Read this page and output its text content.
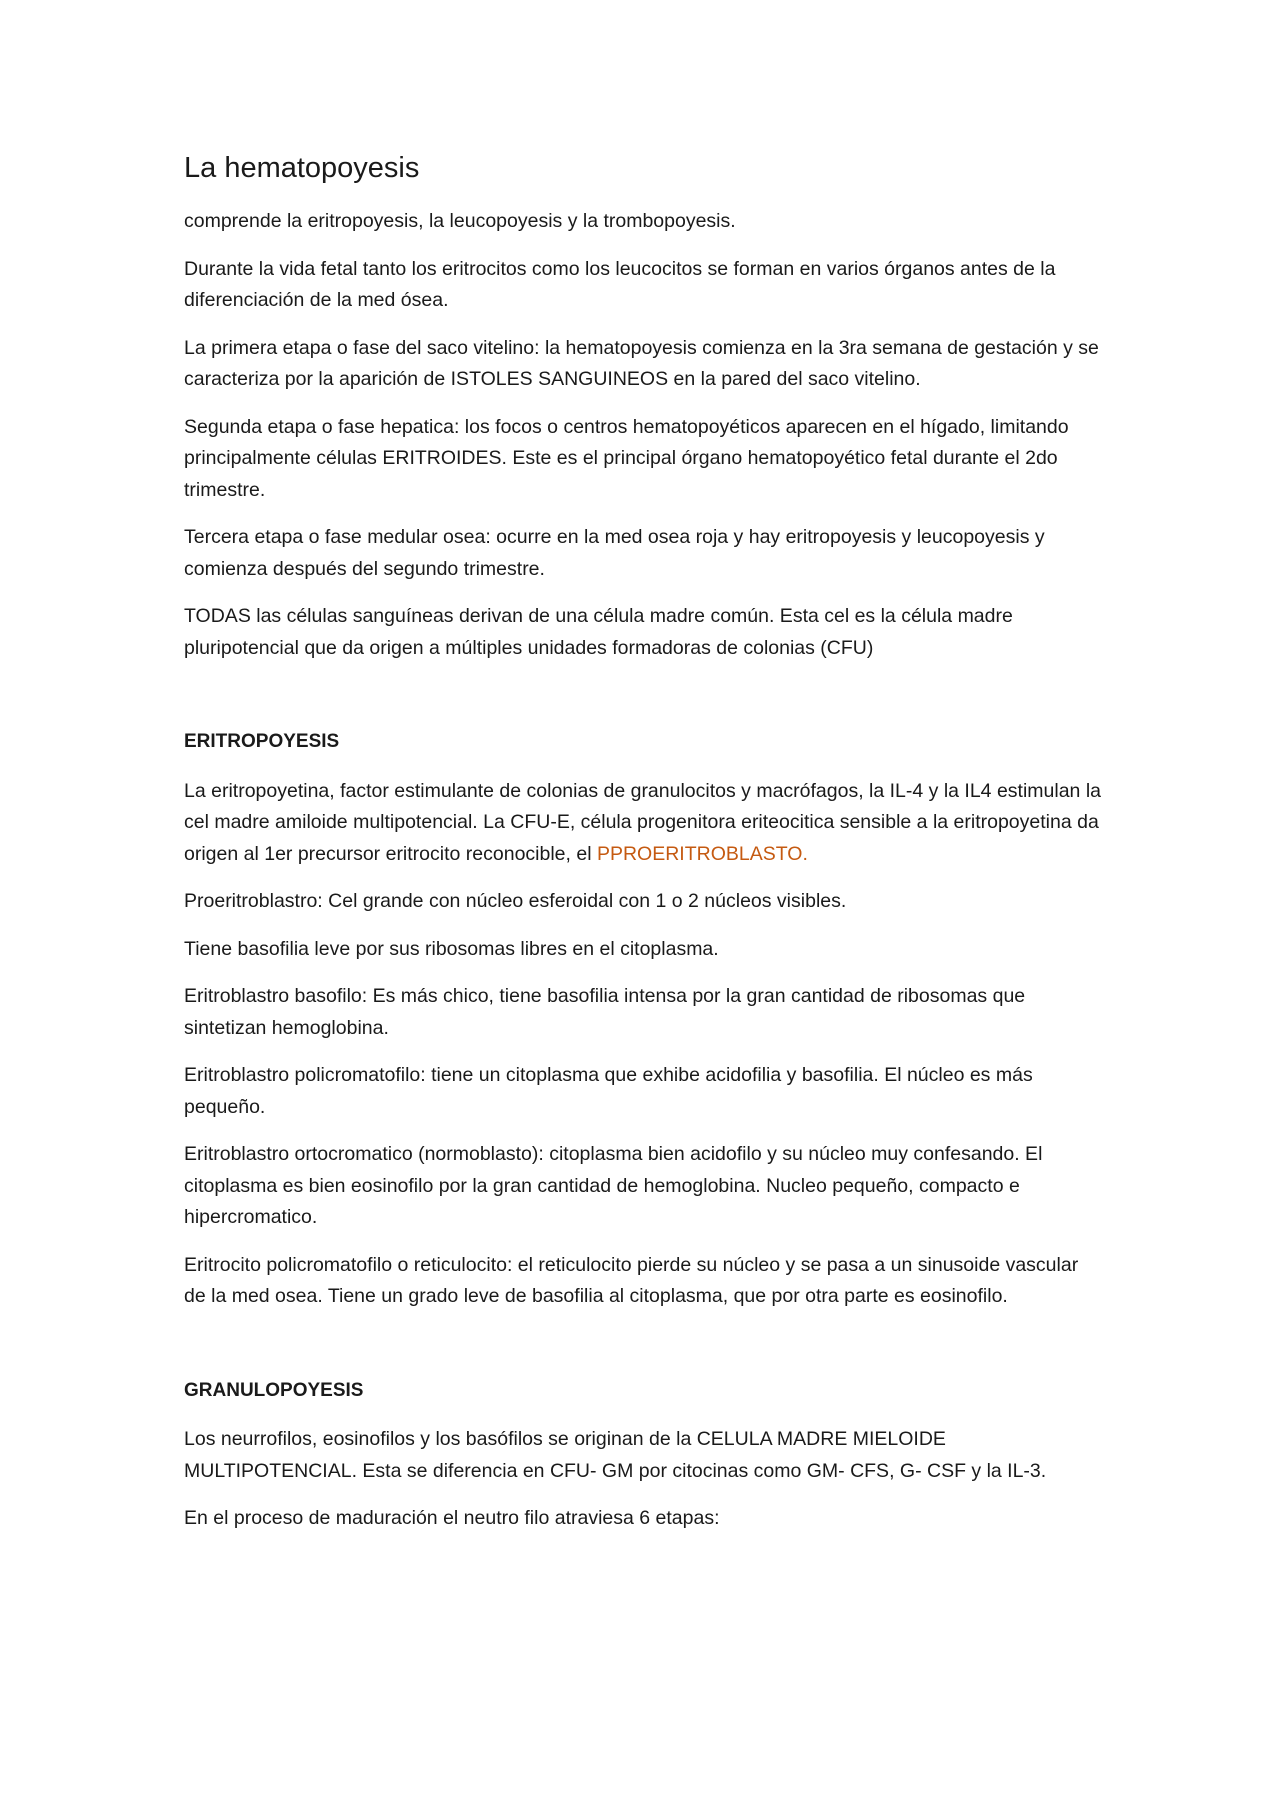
La hematopoyesis

comprende la eritropoyesis, la leucopoyesis y la trombopoyesis.

Durante la vida fetal tanto los eritrocitos como los leucocitos se forman en varios órganos antes de la diferenciación de la med ósea.

La primera etapa o fase del saco vitelino: la hematopoyesis comienza en la 3ra semana de gestación y se caracteriza por la aparición de ISTOLES SANGUINEOS en la pared del saco vitelino.

Segunda etapa o fase hepatica: los focos o centros hematopoyéticos aparecen en el hígado, limitando principalmente células ERITROIDES. Este es el principal órgano hematopoyético fetal durante el 2do trimestre.

Tercera etapa o fase medular osea: ocurre en la med osea roja y hay eritropoyesis y leucopoyesis y comienza después del segundo trimestre.

TODAS las células sanguíneas derivan de una célula madre común. Esta cel es la célula madre pluripotencial que da origen a múltiples unidades formadoras de colonias (CFU)

ERITROPOYESIS

La eritropoyetina, factor estimulante de colonias de granulocitos y macrófagos, la IL-4 y la IL4 estimulan la cel madre amiloide multipotencial. La CFU-E, célula progenitora eriteocitica sensible a la eritropoyetina da origen al 1er precursor eritrocito reconocible, el PPROERITROBLASTO.

Proeritroblastro: Cel grande con núcleo esferoidal con 1 o 2 núcleos visibles.

Tiene basofilia leve por sus ribosomas libres en el citoplasma.

Eritroblastro basofilo: Es más chico, tiene basofilia intensa por la gran cantidad de ribosomas que sintetizan hemoglobina.

Eritroblastro policromatofilo: tiene un citoplasma que exhibe acidofilia y basofilia. El núcleo es más pequeño.

Eritroblastro ortocromatico (normoblasto): citoplasma bien acidofilo y su núcleo muy confesando. El citoplasma es bien eosinofilo por la gran cantidad de hemoglobina. Nucleo pequeño, compacto e hipercromatico.

Eritrocito policromatofilo o reticulocito: el reticulocito pierde su núcleo y se pasa a un sinusoide vascular de la med osea. Tiene un grado leve de basofilia al citoplasma, que por otra parte es eosinofilo.

GRANULOPOYESIS

Los neurrofilos, eosinofilos y los basófilos se originan de la CELULA MADRE MIELOIDE MULTIPOTENCIAL. Esta se diferencia en CFU- GM por citocinas como GM- CFS, G- CSF y la IL-3.

En el proceso de maduración el neutro filo atraviesa 6 etapas:
